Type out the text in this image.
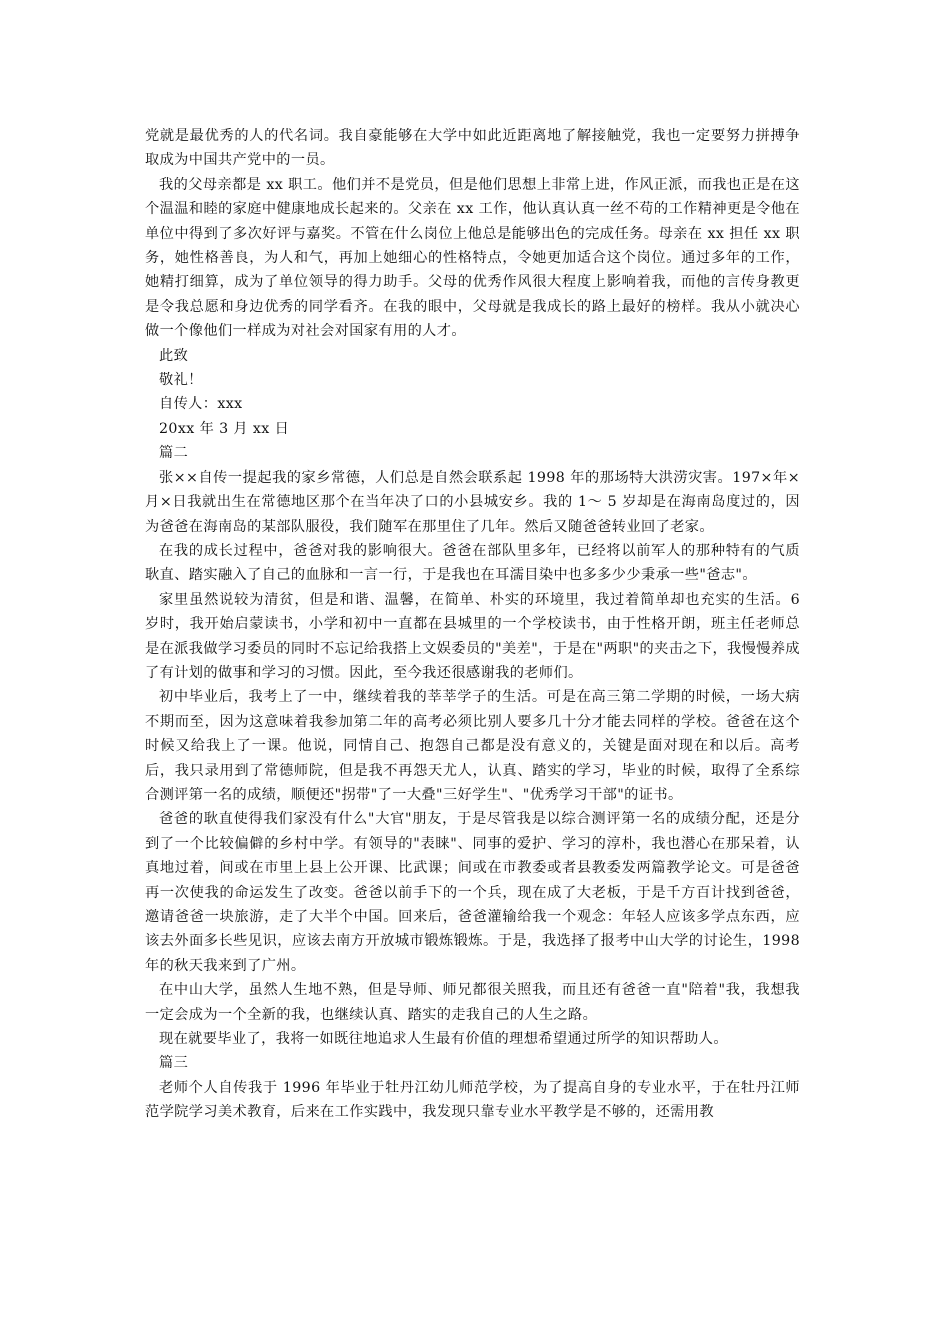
党就是最优秀的人的代名词。我自豪能够在大学中如此近距离地了解接触党，我也一定要努力拼搏争取成为中国共产党中的一员。

我的父母亲都是 xx 职工。他们并不是党员，但是他们思想上非常上进，作风正派，而我也正是在这个温温和睦的家庭中健康地成长起来的。父亲在 xx 工作，他认真认真一丝不苟的工作精神更是令他在单位中得到了多次好评与嘉奖。不管在什么岗位上他总是能够出色的完成任务。母亲在 xx 担任 xx 职务，她性格善良，为人和气，再加上她细心的性格特点，令她更加适合这个岗位。通过多年的工作，她精打细算，成为了单位领导的得力助手。父母的优秀作风很大程度上影响着我，而他的言传身教更是令我总愿和身边优秀的同学看齐。在我的眼中，父母就是我成长的路上最好的榜样。我从小就决心做一个像他们一样成为对社会对国家有用的人才。

此致

敬礼！

自传人：xxx

20xx 年 3 月 xx 日

篇二

张××自传一提起我的家乡常德，人们总是自然会联系起 1998 年的那场特大洪涝灾害。197×年×月×日我就出生在常德地区那个在当年决了口的小县城安乡。我的 1～ 5 岁却是在海南岛度过的，因为爸爸在海南岛的某部队服役，我们随军在那里住了几年。然后又随爸爸转业回了老家。

在我的成长过程中，爸爸对我的影响很大。爸爸在部队里多年，已经将以前军人的那种特有的气质耿直、踏实融入了自己的血脉和一言一行，于是我也在耳濡目染中也多多少少秉承一些"爸志"。

家里虽然说较为清贫，但是和谐、温馨，在简单、朴实的环境里，我过着简单却也充实的生活。6 岁时，我开始启蒙读书，小学和初中一直都在县城里的一个学校读书，由于性格开朗，班主任老师总是在派我做学习委员的同时不忘记给我搭上文娱委员的"美差"，于是在"两职"的夹击之下，我慢慢养成了有计划的做事和学习的习惯。因此，至今我还很感谢我的老师们。

初中毕业后，我考上了一中，继续着我的莘莘学子的生活。可是在高三第二学期的时候，一场大病不期而至，因为这意味着我参加第二年的高考必须比别人要多几十分才能去同样的学校。爸爸在这个时候又给我上了一课。他说，同情自己、抱怨自己都是没有意义的，关键是面对现在和以后。高考后，我只录用到了常德师院，但是我不再怨天尤人，认真、踏实的学习，毕业的时候，取得了全系综合测评第一名的成绩，顺便还"拐带"了一大叠"三好学生"、"优秀学习干部"的证书。

爸爸的耿直使得我们家没有什么"大官"朋友，于是尽管我是以综合测评第一名的成绩分配，还是分到了一个比较偏僻的乡村中学。有领导的"表睐"、同事的爱护、学习的淳朴，我也潜心在那呆着，认真地过着，间或在市里上县上公开课、比武课；间或在市教委或者县教委发两篇教学论文。可是爸爸再一次使我的命运发生了改变。爸爸以前手下的一个兵，现在成了大老板，于是千方百计找到爸爸，邀请爸爸一块旅游，走了大半个中国。回来后，爸爸灌输给我一个观念：年轻人应该多学点东西，应该去外面多长些见识，应该去南方开放城市锻炼锻炼。于是，我选择了报考中山大学的讨论生，1998 年的秋天我来到了广州。

在中山大学，虽然人生地不熟，但是导师、师兄都很关照我，而且还有爸爸一直"陪着"我，我想我一定会成为一个全新的我，也继续认真、踏实的走我自己的人生之路。

现在就要毕业了，我将一如既往地追求人生最有价值的理想希望通过所学的知识帮助人。

篇三

老师个人自传我于 1996 年毕业于牡丹江幼儿师范学校，为了提高自身的专业水平，于在牡丹江师范学院学习美术教育，后来在工作实践中，我发现只靠专业水平教学是不够的，还需用教
